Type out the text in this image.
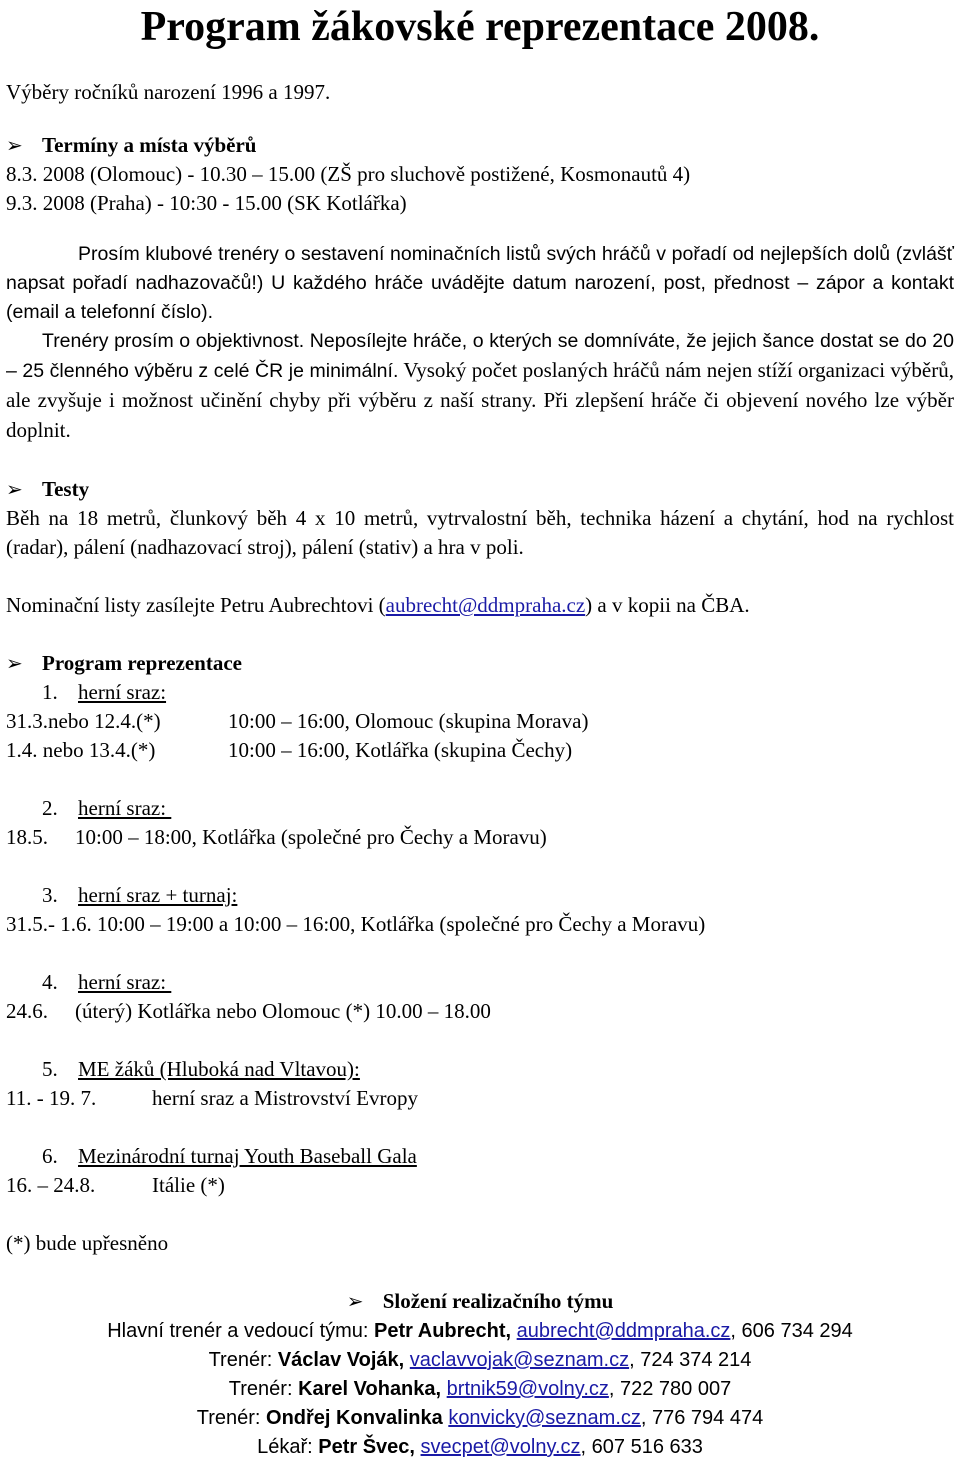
Program žákovské reprezentace 2008.
Výběry ročníků narození 1996 a 1997.
➢ Termíny a místa výběrů
8.3. 2008 (Olomouc) - 10.30 – 15.00 (ZŠ pro sluchově postižené, Kosmonautů 4)
9.3. 2008 (Praha) - 10:30 - 15.00 (SK Kotlářka)

Prosím klubové trenéry o sestavení nominačních listů svých hráčů v pořadí od nejlepších dolů (zvlášť napsat pořadí nadhazovačů!) U každého hráče uvádějte datum narození, post, přednost – zápor a kontakt (email a telefonní číslo).

Trenéry prosím o objektivnost. Neposílejte hráče, o kterých se domníváte, že jejich šance dostat se do 20 – 25 členného výběru z celé ČR je minimální. Vysoký počet poslaných hráčů nám nejen stíží organizaci výběrů, ale zvyšuje i možnost učinění chyby při výběru z naší strany. Při zlepšení hráče či objevení nového lze výběr doplnit.

➢ Testy

Běh na 18 metrů, člunkový běh 4 x 10 metrů, vytrvalostní běh, technika házení a chytání, hod na rychlost (radar), pálení (nadhazovací stroj), pálení (stativ) a hra v poli.

Nominační listy zasílejte Petru Aubrechtovi (aubrecht@ddmpraha.cz) a v kopii na ČBA.
➢ Program reprezentace
1. herní sraz:
31.3.nebo 12.4.(*)	10:00 – 16:00, Olomouc (skupina Morava)
1.4. nebo 13.4.(*)	10:00 – 16:00, Kotlářka (skupina Čechy)
2. herní sraz:
18.5.	10:00 – 18:00, Kotlářka (společné pro Čechy a Moravu)
3. herní sraz + turnaj:
31.5.- 1.6. 10:00 – 19:00 a 10:00 – 16:00, Kotlářka (společné pro Čechy a Moravu)
4. herní sraz:
24.6.	(úterý) Kotlářka nebo Olomouc (*) 10.00 – 18.00
5. ME žáků (Hluboká nad Vltavou):
11. - 19. 7.	herní sraz a Mistrovství Evropy
6. Mezinárodní turnaj Youth Baseball Gala
16. – 24.8.	Itálie (*)
(*) bude upřesněno
➢ Složení realizačního týmu
Hlavní trenér a vedoucí týmu: Petr Aubrecht, aubrecht@ddmpraha.cz, 606 734 294
Trenér: Václav Voják, vaclavvojak@seznam.cz, 724 374 214
Trenér: Karel Vohanka, brtnik59@volny.cz, 722 780 007
Trenér: Ondřej Konvalinka konvicky@seznam.cz, 776 794 474
Lékař: Petr Švec, svecpet@volny.cz, 607 516 633
